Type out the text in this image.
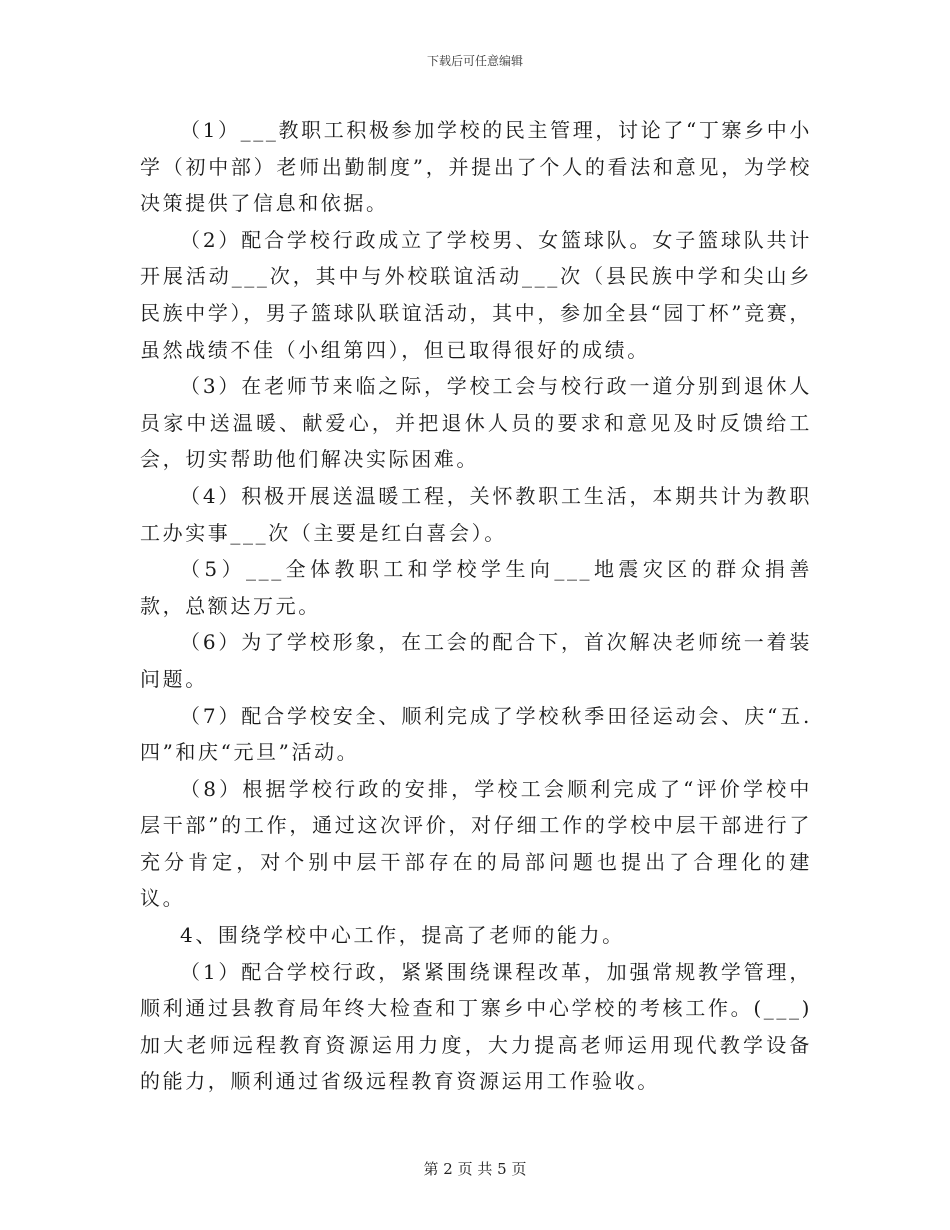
下载后可任意编辑

（1）___教职工积极参加学校的民主管理，讨论了“丁寨乡中小学（初中部）老师出勤制度”，并提出了个人的看法和意见，为学校决策提供了信息和依据。

（2）配合学校行政成立了学校男、女篮球队。女子篮球队共计开展活动___次，其中与外校联谊活动___次（县民族中学和尖山乡民族中学），男子篮球队联谊活动，其中，参加全县“园丁杯”竞赛，虽然战绩不佳（小组第四），但已取得很好的成绩。

（3）在老师节来临之际，学校工会与校行政一道分别到退休人员家中送温暖、献爱心，并把退休人员的要求和意见及时反馈给工会，切实帮助他们解决实际困难。

（4）积极开展送温暖工程，关怀教职工生活，本期共计为教职工办实事___次（主要是红白喜会）。

（5）___全体教职工和学校学生向___地震灾区的群众捐善款，总额达万元。

（6）为了学校形象，在工会的配合下，首次解决老师统一着装问题。

（7）配合学校安全、顺利完成了学校秋季田径运动会、庆“五.四”和庆“元旦”活动。

（8）根据学校行政的安排，学校工会顺利完成了“评价学校中层干部”的工作，通过这次评价，对仔细工作的学校中层干部进行了充分肯定，对个别中层干部存在的局部问题也提出了合理化的建议。

4、围绕学校中心工作，提高了老师的能力。

（1）配合学校行政，紧紧围绕课程改革，加强常规教学管理，顺利通过县教育局年终大检查和丁寨乡中心学校的考核工作。(___)加大老师远程教育资源运用力度，大力提高老师运用现代教学设备的能力，顺利通过省级远程教育资源运用工作验收。

第 2 页 共 5 页
